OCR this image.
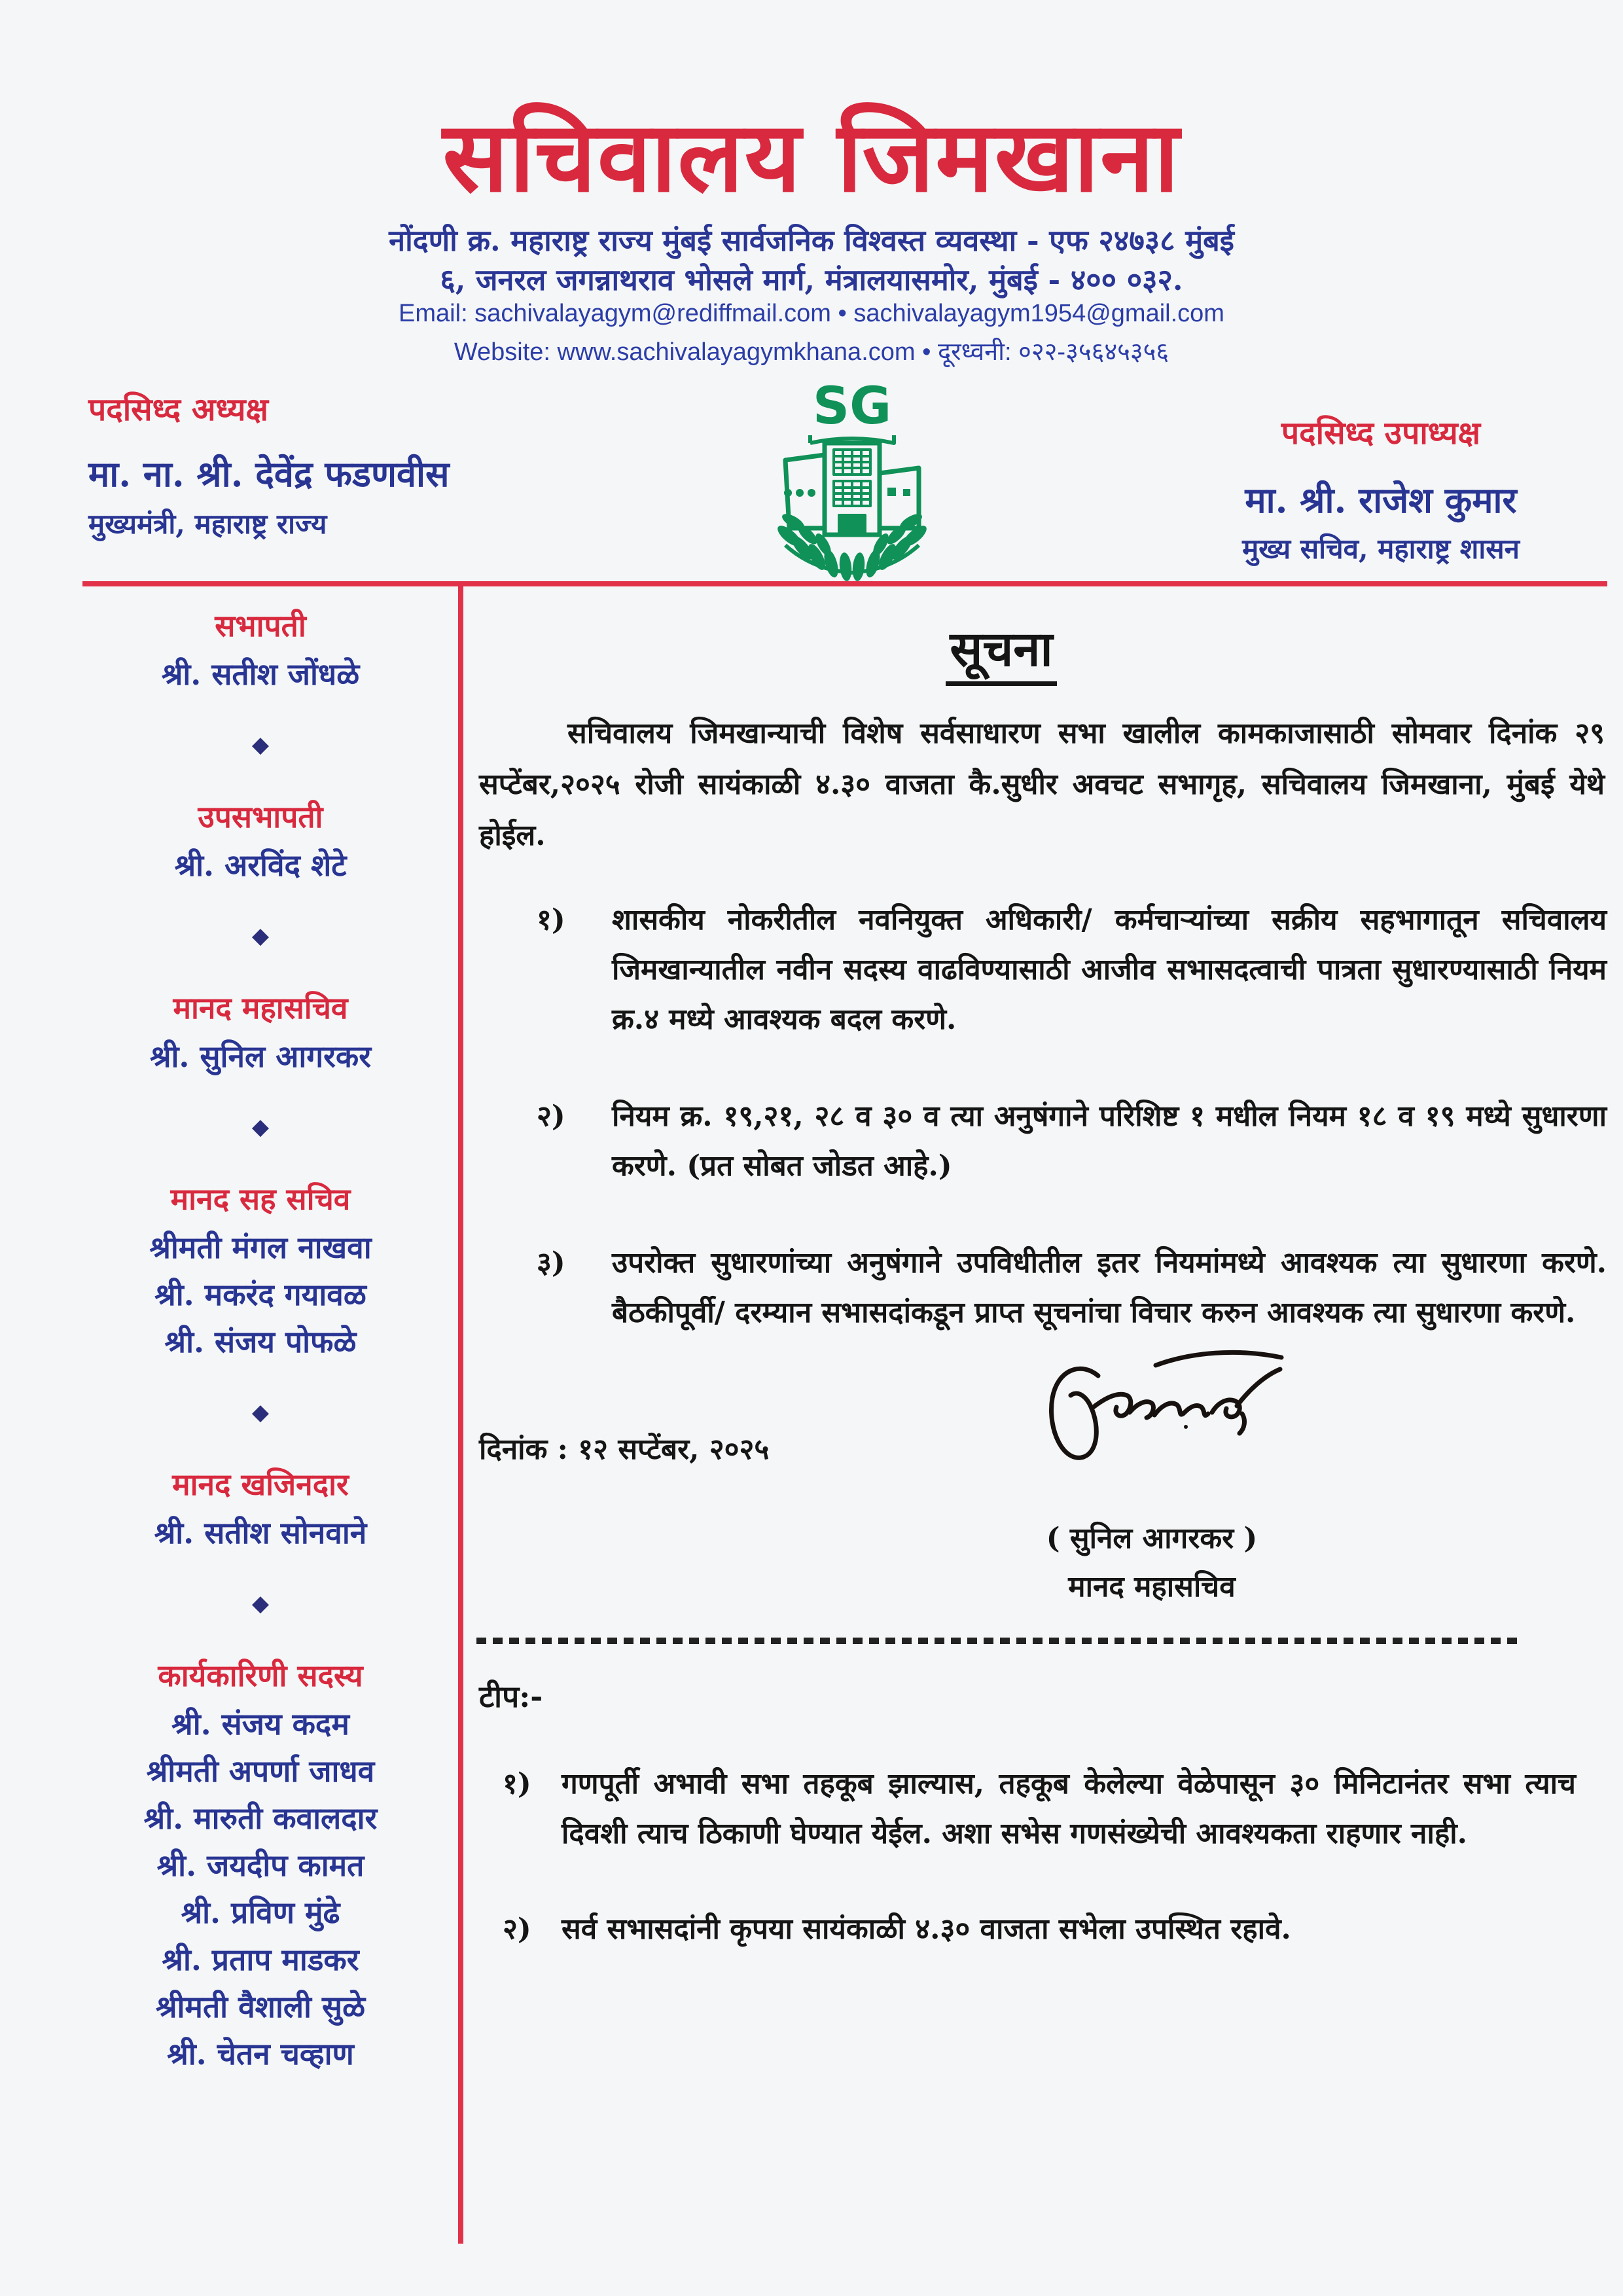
सचिवालय जिमखाना
नोंदणी क्र. महाराष्ट्र राज्य मुंबई सार्वजनिक विश्वस्त व्यवस्था - एफ २४७३८ मुंबई
६, जनरल जगन्नाथराव भोसले मार्ग, मंत्रालयासमोर, मुंबई - ४०० ०३२.
Email: sachivalayagym@rediffmail.com • sachivalayagym1954@gmail.com
Website: www.sachivalayagymkhana.com • दूरध्वनी: ०२२-३५६४५३५६
पदसिध्द अध्यक्ष
मा. ना. श्री. देवेंद्र फडणवीस
मुख्यमंत्री, महाराष्ट्र राज्य
SG	पदसिध्द उपाध्यक्ष
मा. श्री. राजेश कुमार
मुख्य सचिव, महाराष्ट्र शासन
सभापती
श्री. सतीश जोंधळे
◆
उपसभापती
श्री. अरविंद शेटे
◆
मानद महासचिव
श्री. सुनिल आगरकर
◆
मानद सह सचिव
श्रीमती मंगल नाखवा
श्री. मकरंद गयावळ
श्री. संजय पोफळे
◆
मानद खजिनदार
श्री. सतीश सोनवाने
◆
कार्यकारिणी सदस्य
श्री. संजय कदम
श्रीमती अपर्णा जाधव
श्री. मारुती कवालदार
श्री. जयदीप कामत
श्री. प्रविण मुंढे
श्री. प्रताप माडकर
श्रीमती वैशाली सुळे
श्री. चेतन चव्हाण
सूचना
सचिवालय जिमखान्याची विशेष सर्वसाधारण सभा खालील कामकाजासाठी सोमवार दिनांक २९ सप्टेंबर,२०२५ रोजी सायंकाळी ४.३० वाजता कै.सुधीर अवचट सभागृह, सचिवालय जिमखाना, मुंबई येथे होईल.
१)	शासकीय नोकरीतील नवनियुक्त अधिकारी/ कर्मचाऱ्यांच्या सक्रीय सहभागातून सचिवालय जिमखान्यातील नवीन सदस्य वाढविण्यासाठी आजीव सभासदत्वाची पात्रता सुधारण्यासाठी नियम क्र.४ मध्ये आवश्यक बदल करणे.
२)	नियम क्र. १९,२१, २८ व ३० व त्या अनुषंगाने परिशिष्ट १ मधील नियम १८ व १९ मध्ये सुधारणा करणे. (प्रत सोबत जोडत आहे.)
३)	उपरोक्त सुधारणांच्या अनुषंगाने उपविधीतील इतर नियमांमध्ये आवश्यक त्या सुधारणा करणे. बैठकीपूर्वी/ दरम्यान सभासदांकडून प्राप्त सूचनांचा विचार करुन आवश्यक त्या सुधारणा करणे.
दिनांक : १२ सप्टेंबर, २०२५
( सुनिल आगरकर )
मानद महासचिव
टीप:-
१)	गणपूर्ती अभावी सभा तहकूब झाल्यास, तहकूब केलेल्या वेळेपासून ३० मिनिटानंतर सभा त्याच दिवशी त्याच ठिकाणी घेण्यात येईल. अशा सभेस गणसंख्येची आवश्यकता राहणार नाही.
२)	सर्व सभासदांनी कृपया सायंकाळी ४.३० वाजता सभेला उपस्थित रहावे.
